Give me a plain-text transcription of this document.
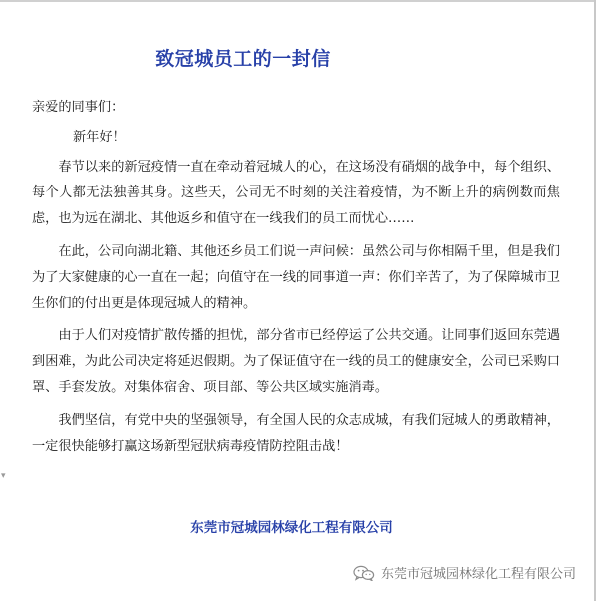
致冠城员工的一封信

亲爱的同事们：

新年好！

春节以来的新冠疫情一直在牵动着冠城人的心，在这场没有硝烟的战争中，每个组织、每个人都无法独善其身。这些天，公司无不时刻的关注着疫情，为不断上升的病例数而焦虑，也为远在湖北、其他返乡和值守在一线我们的员工而忧心……

在此，公司向湖北籍、其他还乡员工们说一声问候：虽然公司与你相隔千里，但是我们为了大家健康的心一直在一起；向值守在一线的同事道一声：你们辛苦了，为了保障城市卫生你们的付出更是体现冠城人的精神。

由于人们对疫情扩散传播的担忧，部分省市已经停运了公共交通。让同事们返回东莞遇到困难，为此公司决定将延迟假期。为了保证值守在一线的员工的健康安全，公司已采购口罩、手套发放。对集体宿舍、项目部、等公共区域实施消毒。

我們坚信，有党中央的坚强领导，有全国人民的众志成城，有我们冠城人的勇敢精神，一定很快能够打赢这场新型冠狀病毒疫情防控阻击战！

▾
东莞市冠城园林绿化工程有限公司
东莞市冠城园林绿化工程有限公司
